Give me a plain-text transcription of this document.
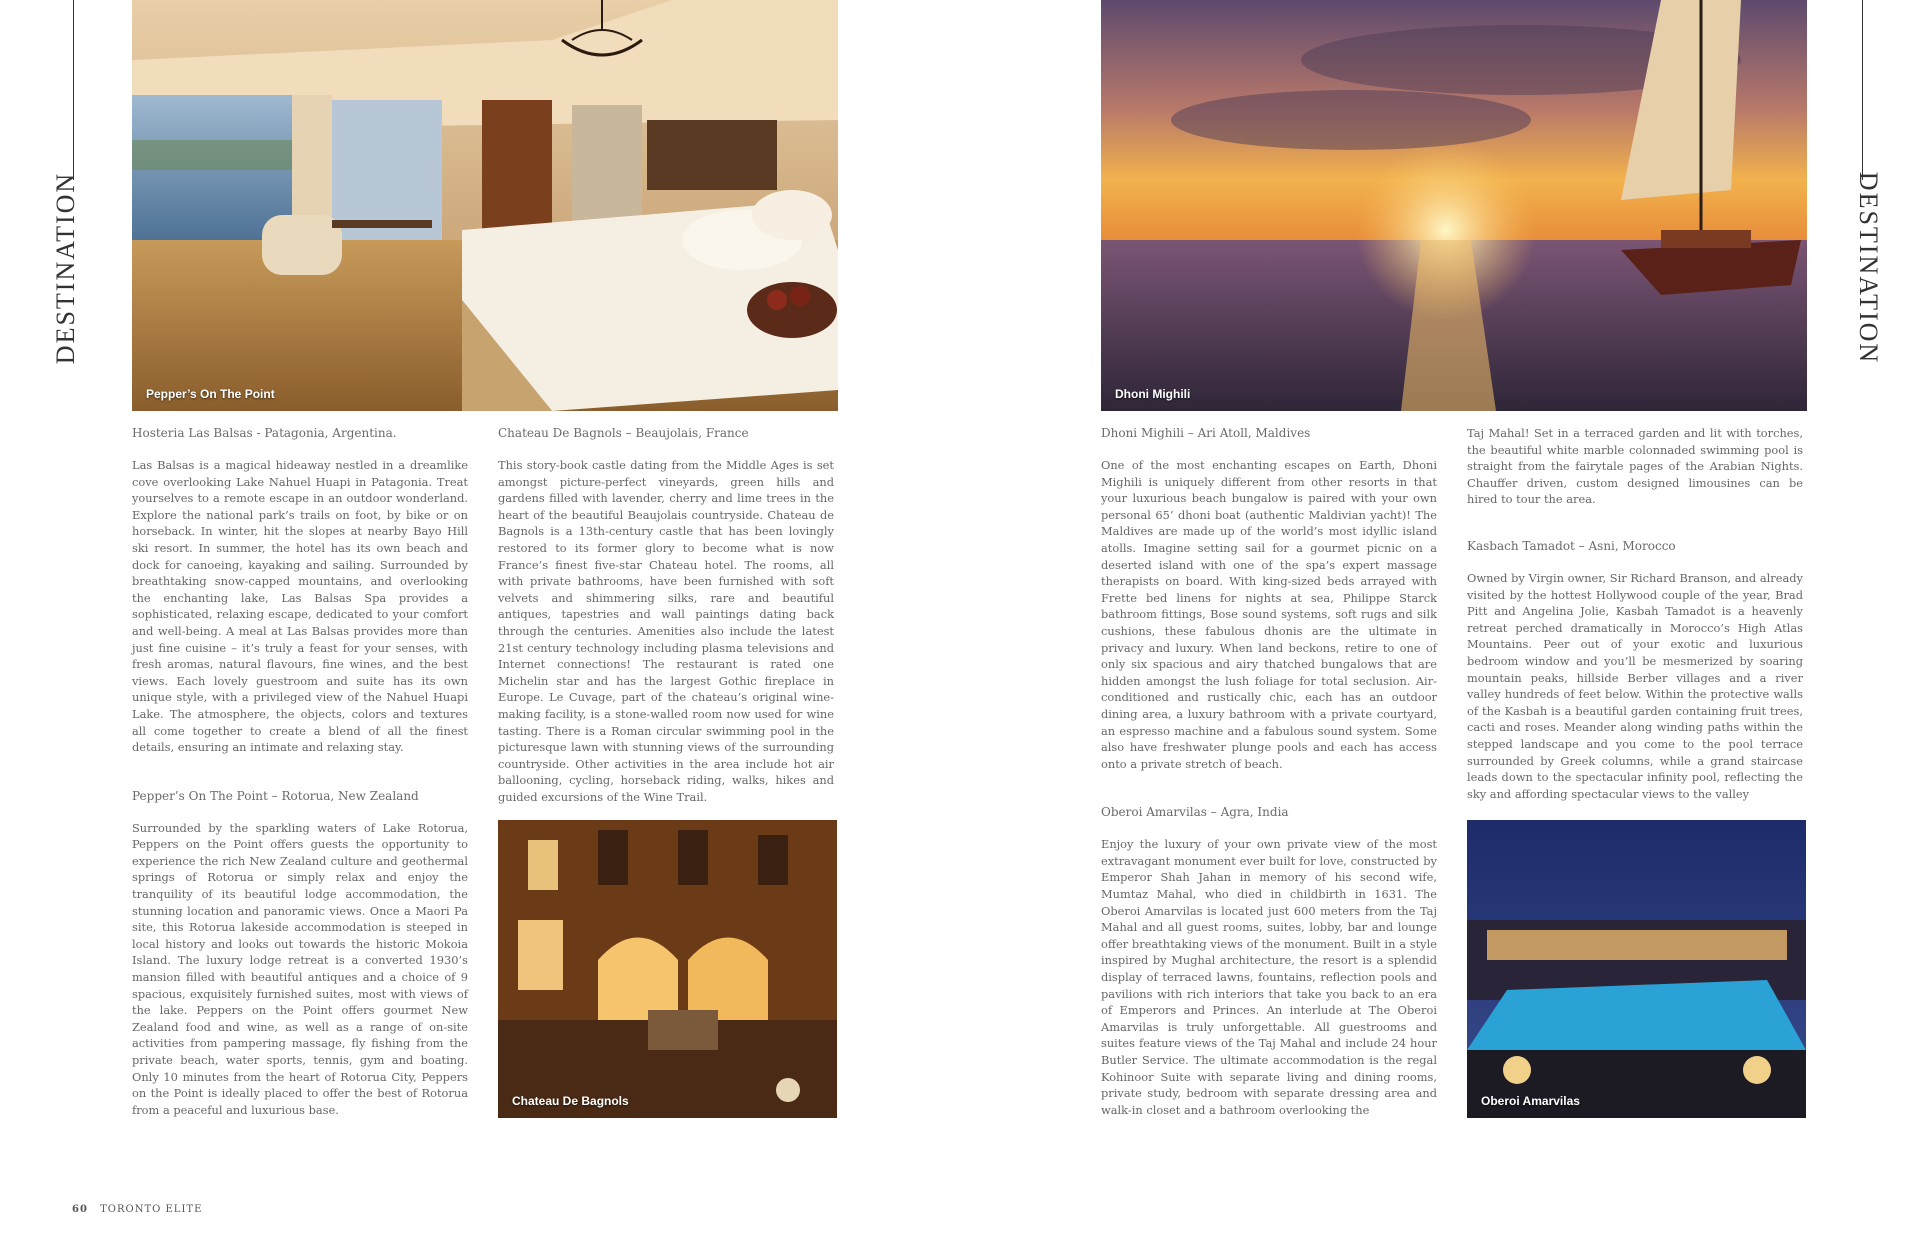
DESTINATION	DESTINATION
Pepper’s On The Point	Dhoni Mighili
Chateau De Bagnols	Oberoi Amarvilas
Hosteria Las Balsas - Patagonia, Argentina.

Las Balsas is a magical hideaway nestled in a dreamlike cove overlooking Lake Nahuel Huapi in Patagonia. Treat yourselves to a remote escape in an outdoor wonderland. Explore the national park’s trails on foot, by bike or on horseback. In winter, hit the slopes at nearby Bayo Hill ski resort. In summer, the hotel has its own beach and dock for canoeing, kayaking and sailing. Surrounded by breathtaking snow-capped mountains, and overlooking the enchanting lake, Las Balsas Spa provides a sophisticated, relaxing escape, dedicated to your comfort and well-being. A meal at Las Balsas provides more than just fine cuisine – it’s truly a feast for your senses, with fresh aromas, natural flavours, fine wines, and the best views. Each lovely guestroom and suite has its own unique style, with a privileged view of the Nahuel Huapi Lake. The atmosphere, the objects, colors and textures all come together to create a blend of all the finest details, ensuring an intimate and relaxing stay.

Pepper’s On The Point – Rotorua, New Zealand

Surrounded by the sparkling waters of Lake Rotorua, Peppers on the Point offers guests the opportunity to experience the rich New Zealand culture and geothermal springs of Rotorua or simply relax and enjoy the tranquility of its beautiful lodge accommodation, the stunning location and panoramic views. Once a Maori Pa site, this Rotorua lakeside accommodation is steeped in local history and looks out towards the historic Mokoia Island. The luxury lodge retreat is a converted 1930’s mansion filled with beautiful antiques and a choice of 9 spacious, exquisitely furnished suites, most with views of the lake. Peppers on the Point offers gourmet New Zealand food and wine, as well as a range of on-site activities from pampering massage, fly fishing from the private beach, water sports, tennis, gym and boating. Only 10 minutes from the heart of Rotorua City, Peppers on the Point is ideally placed to offer the best of Rotorua from a peaceful and luxurious base.

Chateau De Bagnols – Beaujolais, France

This story-book castle dating from the Middle Ages is set amongst picture-perfect vineyards, green hills and gardens filled with lavender, cherry and lime trees in the heart of the beautiful Beaujolais countryside. Chateau de Bagnols is a 13th-century castle that has been lovingly restored to its former glory to become what is now France’s finest five-star Chateau hotel. The rooms, all with private bathrooms, have been furnished with soft velvets and shimmering silks, rare and beautiful antiques, tapestries and wall paintings dating back through the centuries. Amenities also include the latest 21st century technology including plasma televisions and Internet connections! The restaurant is rated one Michelin star and has the largest Gothic fireplace in Europe. Le Cuvage, part of the chateau’s original wine-making facility, is a stone-walled room now used for wine tasting. There is a Roman circular swimming pool in the picturesque lawn with stunning views of the surrounding countryside. Other activities in the area include hot air ballooning, cycling, horseback riding, walks, hikes and guided excursions of the Wine Trail.

Dhoni Mighili – Ari Atoll, Maldives

One of the most enchanting escapes on Earth, Dhoni Mighili is uniquely different from other resorts in that your luxurious beach bungalow is paired with your own personal 65’ dhoni boat (authentic Maldivian yacht)! The Maldives are made up of the world’s most idyllic island atolls. Imagine setting sail for a gourmet picnic on a deserted island with one of the spa’s expert massage therapists on board. With king-sized beds arrayed with Frette bed linens for nights at sea, Philippe Starck bathroom fittings, Bose sound systems, soft rugs and silk cushions, these fabulous dhonis are the ultimate in privacy and luxury. When land beckons, retire to one of only six spacious and airy thatched bungalows that are hidden amongst the lush foliage for total seclusion. Air-conditioned and rustically chic, each has an outdoor dining area, a luxury bathroom with a private courtyard, an espresso machine and a fabulous sound system. Some also have freshwater plunge pools and each has access onto a private stretch of beach.

Oberoi Amarvilas – Agra, India

Enjoy the luxury of your own private view of the most extravagant monument ever built for love, constructed by Emperor Shah Jahan in memory of his second wife, Mumtaz Mahal, who died in childbirth in 1631. The Oberoi Amarvilas is located just 600 meters from the Taj Mahal and all guest rooms, suites, lobby, bar and lounge offer breathtaking views of the monument. Built in a style inspired by Mughal architecture, the resort is a splendid display of terraced lawns, fountains, reflection pools and pavilions with rich interiors that take you back to an era of Emperors and Princes. An interlude at The Oberoi Amarvilas is truly unforgettable. All guestrooms and suites feature views of the Taj Mahal and include 24 hour Butler Service. The ultimate accommodation is the regal Kohinoor Suite with separate living and dining rooms, private study, bedroom with separate dressing area and walk-in closet and a bathroom overlooking the

Taj Mahal! Set in a terraced garden and lit with torches, the beautiful white marble colonnaded swimming pool is straight from the fairytale pages of the Arabian Nights. Chauffer driven, custom designed limousines can be hired to tour the area.

Kasbach Tamadot – Asni, Morocco

Owned by Virgin owner, Sir Richard Branson, and already visited by the hottest Hollywood couple of the year, Brad Pitt and Angelina Jolie, Kasbah Tamadot is a heavenly retreat perched dramatically in Morocco’s High Atlas Mountains. Peer out of your exotic and luxurious bedroom window and you’ll be mesmerized by soaring mountain peaks, hillside Berber villages and a river valley hundreds of feet below. Within the protective walls of the Kasbah is a beautiful garden containing fruit trees, cacti and roses. Meander along winding paths within the stepped landscape and you come to the pool terrace surrounded by Greek columns, while a grand staircase leads down to the spectacular infinity pool, reflecting the sky and affording spectacular views to the valley

60 TORONTO ELITE
